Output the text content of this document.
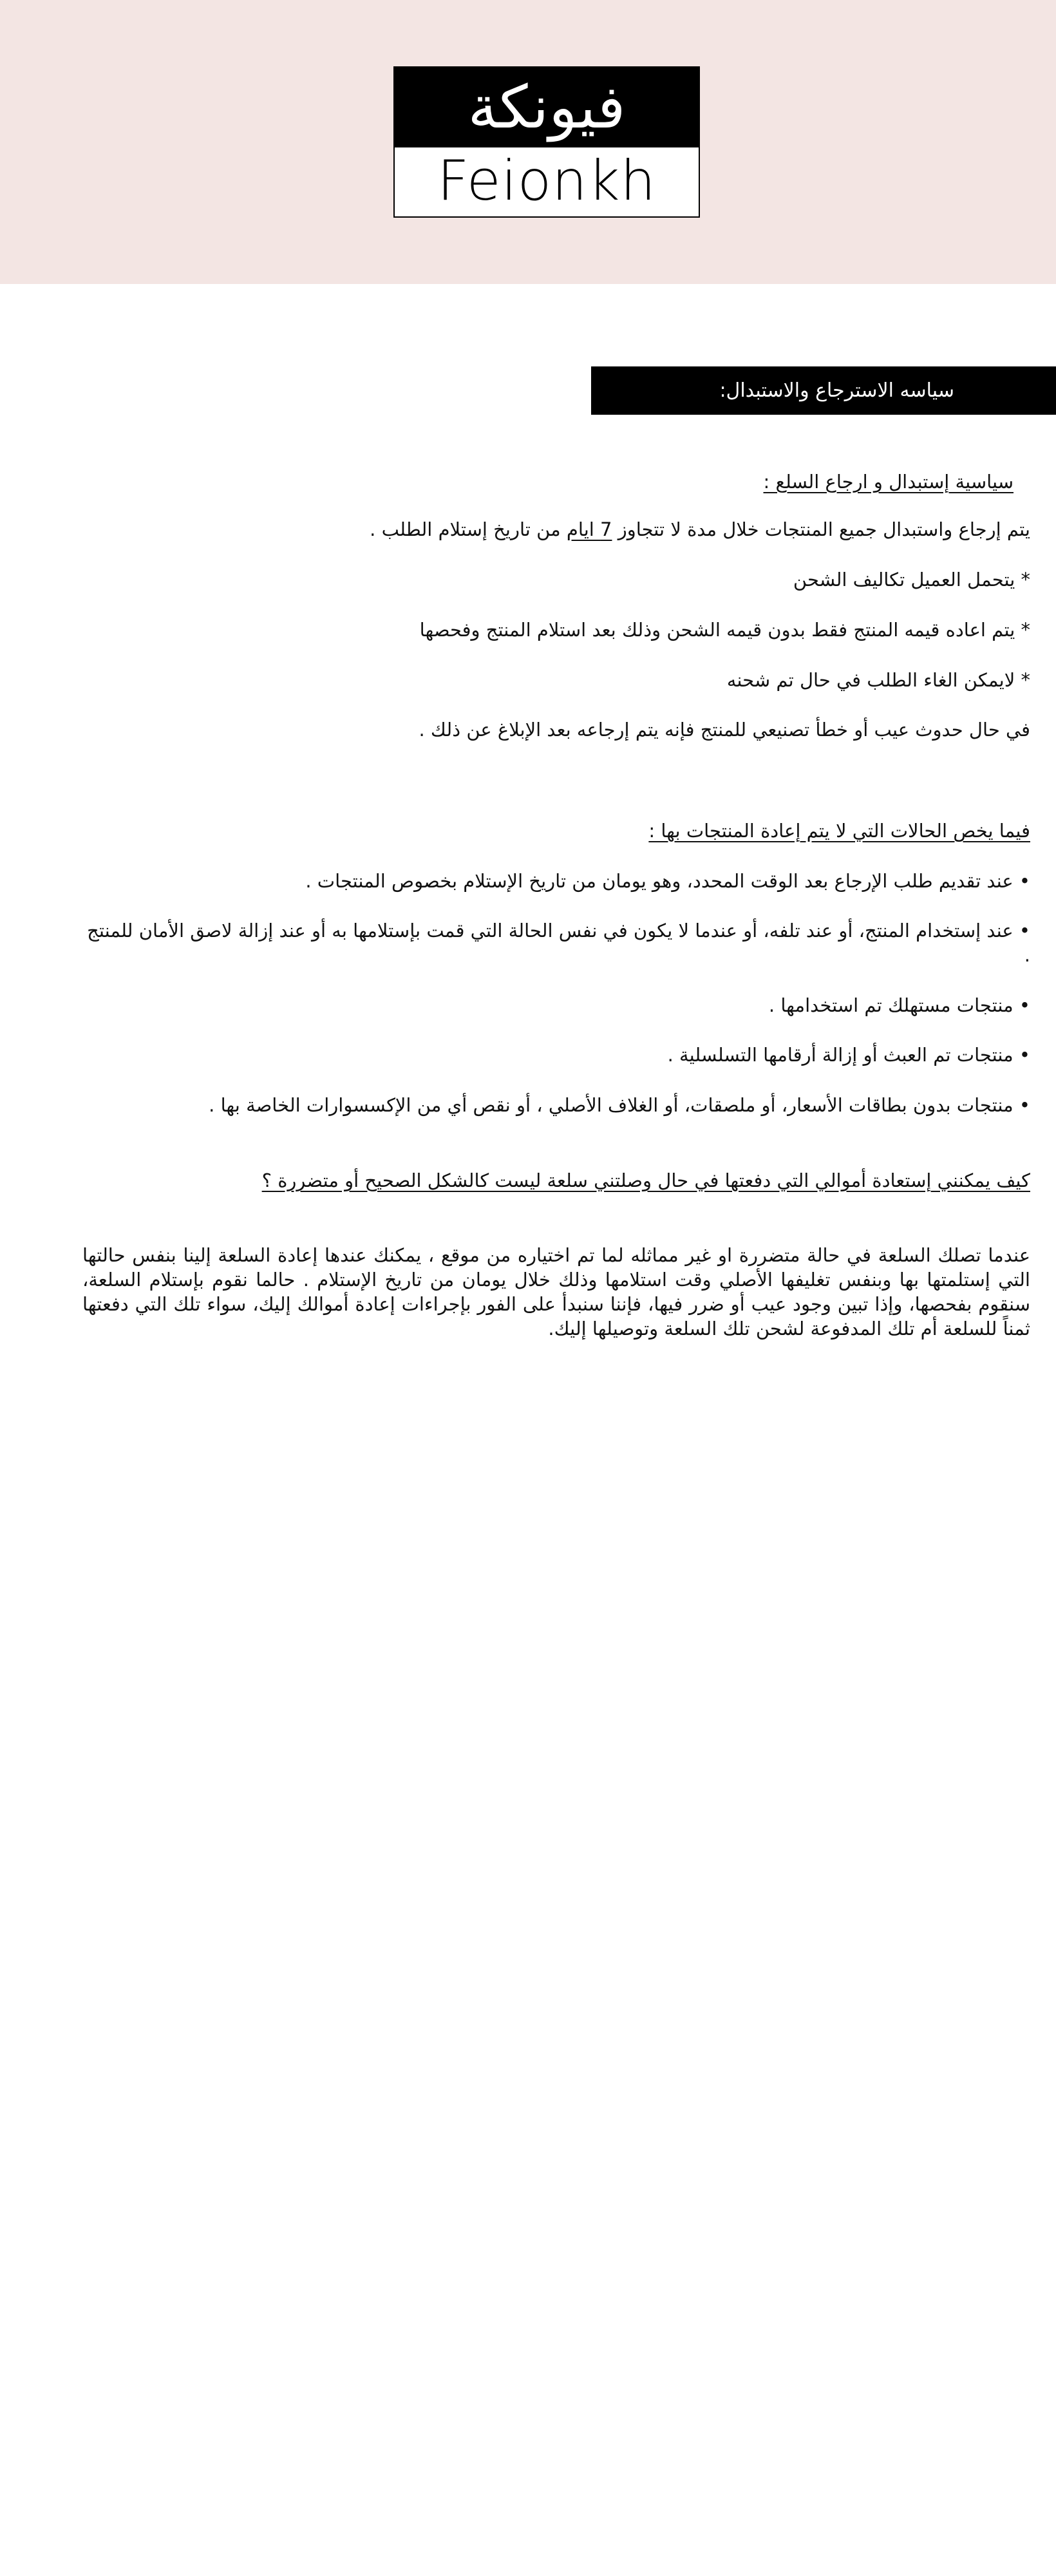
فيونكة
Feionkh
سياسه الاسترجاع والاستبدال:
سياسية إستبدال و ارجاع السلع :
يتم إرجاع واستبدال جميع المنتجات خلال مدة لا تتجاوز 7 ايام من تاريخ إستلام الطلب .
* يتحمل العميل تكاليف الشحن
* يتم اعاده قيمه المنتج فقط بدون قيمه الشحن وذلك بعد استلام المنتج وفحصها
* لايمكن الغاء الطلب في حال تم شحنه
في حال حدوث عيب أو خطأ تصنيعي للمنتج فإنه يتم إرجاعه بعد الإبلاغ عن ذلك .
فيما يخص الحالات التي لا يتم إعادة المنتجات بها :
• عند تقديم طلب الإرجاع بعد الوقت المحدد، وهو يومان من تاريخ الإستلام بخصوص المنتجات .
• عند إستخدام المنتج، أو عند تلفه، أو عندما لا يكون في نفس الحالة التي قمت بإستلامها به أو عند إزالة لاصق الأمان للمنتج .
• منتجات مستهلك تم استخدامها .
• منتجات تم العبث أو إزالة أرقامها التسلسلية .
• منتجات بدون بطاقات الأسعار، أو ملصقات، أو الغلاف الأصلي ، أو نقص أي من الإكسسوارات الخاصة بها .
كيف يمكنني إستعادة أموالي التي دفعتها في حال وصلتني سلعة ليست كالشكل الصحيح أو متضررة ؟
عندما تصلك السلعة في حالة متضررة او غير مماثله لما تم اختياره من موقع ، يمكنك عندها إعادة السلعة إلينا بنفس حالتها التي إستلمتها بها وبنفس تغليفها الأصلي وقت استلامها وذلك خلال يومان من تاريخ الإستلام . حالما نقوم بإستلام السلعة، سنقوم بفحصها، وإذا تبين وجود عيب أو ضرر فيها، فإننا سنبدأ على الفور بإجراءات إعادة أموالك إليك، سواء تلك التي دفعتها ثمناً للسلعة أم تلك المدفوعة لشحن تلك السلعة وتوصيلها إليك.
